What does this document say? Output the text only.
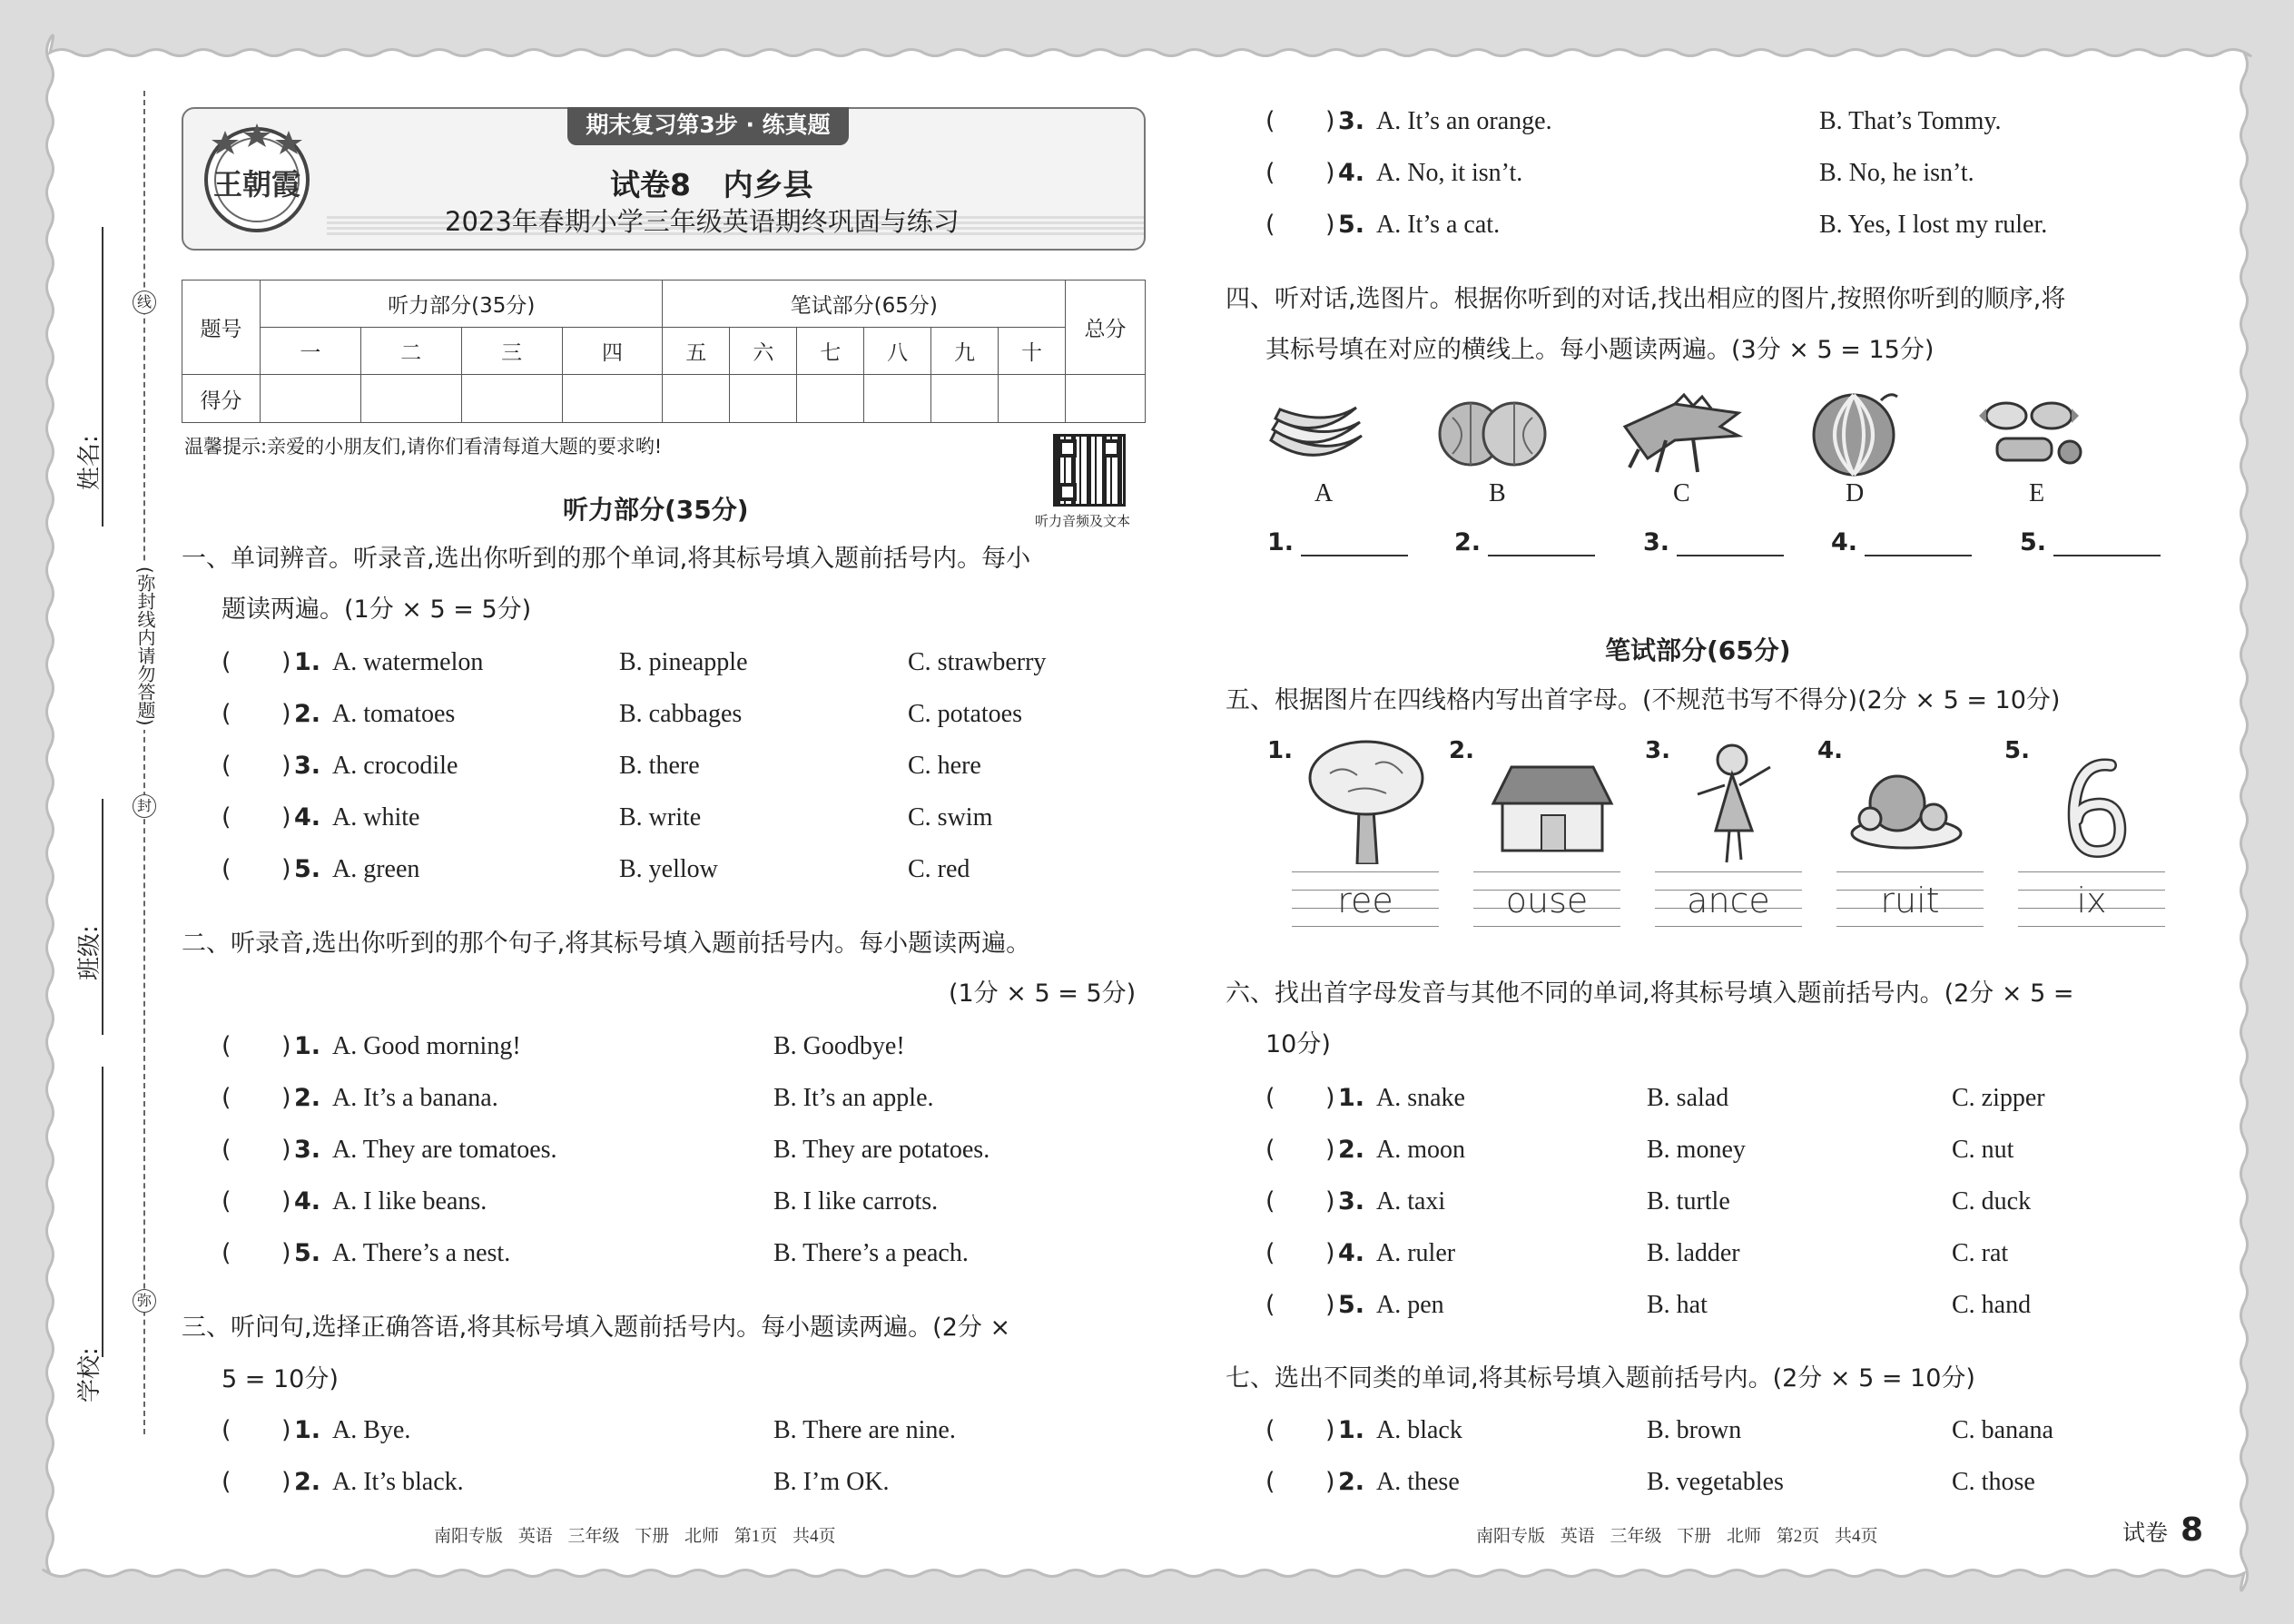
线
封
弥
(弥封线内请勿答题)
姓名:
班级:
学校:
期末复习第3步 · 练真题
王朝霞	试卷8 内乡县
2023年春期小学三年级英语期终巩固与练习
题号	听力部分(35分)				笔试部分(65分)						总分
	一	二	三	四	五	六	七	八	九	十	
得分											
温馨提示:亲爱的小朋友们,请你们看清每道大题的要求哟!
听力音频及文本
听力部分(35分)
一、单词辨音。听录音,选出你听到的那个单词,将其标号填入题前括号内。每小
题读两遍。(1分 × 5 = 5分)
( ) 1. A. watermelon	B. pineapple	C. strawberry
( ) 2. A. tomatoes	B. cabbages	C. potatoes
( ) 3. A. crocodile	B. there	C. here
( ) 4. A. white	B. write	C. swim
( ) 5. A. green	B. yellow	C. red
二、听录音,选出你听到的那个句子,将其标号填入题前括号内。每小题读两遍。
(1分 × 5 = 5分)
( ) 1. A. Good morning!	B. Goodbye!
( ) 2. A. It’s a banana.	B. It’s an apple.
( ) 3. A. They are tomatoes.	B. They are potatoes.
( ) 4. A. I like beans.	B. I like carrots.
( ) 5. A. There’s a nest.	B. There’s a peach.
三、听问句,选择正确答语,将其标号填入题前括号内。每小题读两遍。(2分 ×
5 = 10分)
( ) 1. A. Bye.	B. There are nine.
( ) 2. A. It’s black.	B. I’m OK.
( ) 3. A. It’s an orange.	B. That’s Tommy.
( ) 4. A. No, it isn’t.	B. No, he isn’t.
( ) 5. A. It’s a cat.	B. Yes, I lost my ruler.
四、听对话,选图片。根据你听到的对话,找出相应的图片,按照你听到的顺序,将
其标号填在对应的横线上。每小题读两遍。(3分 × 5 = 15分)
A	B	C	D	E
1.	2.	3.	4.	5.
笔试部分(65分)
五、根据图片在四线格内写出首字母。(不规范书写不得分)(2分 × 5 = 10分)
1.
ree
2.
ouse
3.
ance
4.
ruit
5.
ix
六、找出首字母发音与其他不同的单词,将其标号填入题前括号内。(2分 × 5 =
10分)
( ) 1. A. snake	B. salad	C. zipper
( ) 2. A. moon	B. money	C. nut
( ) 3. A. taxi	B. turtle	C. duck
( ) 4. A. ruler	B. ladder	C. rat
( ) 5. A. pen	B. hat	C. hand
七、选出不同类的单词,将其标号填入题前括号内。(2分 × 5 = 10分)
( ) 1. A. black	B. brown	C. banana
( ) 2. A. these	B. vegetables	C. those
南阳专版 英语 三年级 下册 北师 第1页 共4页	南阳专版 英语 三年级 下册 北师 第2页 共4页	试卷 8
